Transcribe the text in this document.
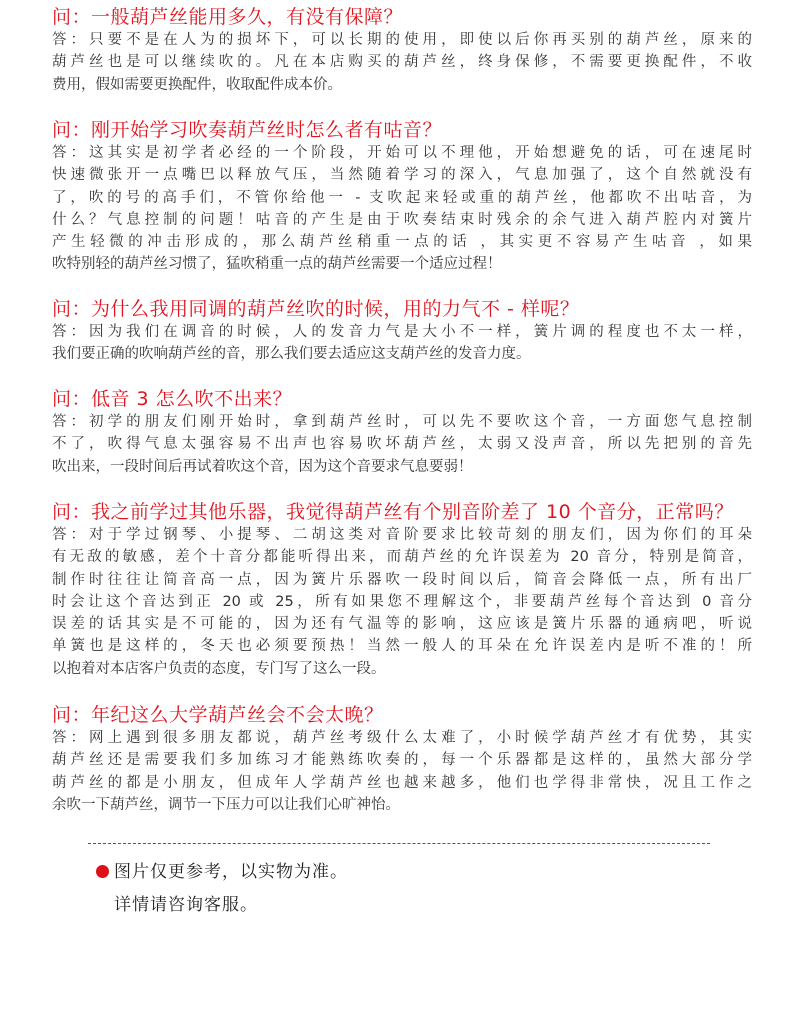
问：一般葫芦丝能用多久，有没有保障？
答：只要不是在人为的损坏下，可以长期的使用，即使以后你再买别的葫芦丝，原来的
葫芦丝也是可以继续吹的。凡在本店购买的葫芦丝，终身保修，不需要更换配件，不收
费用，假如需要更换配件，收取配件成本价。
问：刚开始学习吹奏葫芦丝时怎么者有咕音？
答：这其实是初学者必经的一个阶段，开始可以不理他，开始想避免的话，可在速尾时
快速微张开一点嘴巴以释放气压，当然随着学习的深入，气息加强了，这个自然就没有
了，吹的号的高手们，不管你给他一 - 支吹起来轻或重的葫芦丝，他都吹不出咕音，为
什么？气息控制的问题！咕音的产生是由于吹奏结束时残余的余气进入葫芦腔内对簧片
产生轻微的冲击形成的，那么葫芦丝稍重一点的话 ，其实更不容易产生咕音 ，如果
吹特别轻的葫芦丝习惯了，猛吹稍重一点的葫芦丝需要一个适应过程！
问：为什么我用同调的葫芦丝吹的时候，用的力气不 - 样呢？
答：因为我们在调音的时候，人的发音力气是大小不一样，簧片调的程度也不太一样，
我们要正确的吹响葫芦丝的音，那么我们要去适应这支葫芦丝的发音力度。
问：低音 3 怎么吹不出来？
答：初学的朋友们刚开始时，拿到葫芦丝时，可以先不要吹这个音，一方面您气息控制
不了，吹得气息太强容易不出声也容易吹坏葫芦丝，太弱又没声音，所以先把别的音先
吹出来，一段时间后再试着吹这个音，因为这个音要求气息要弱！
问：我之前学过其他乐器，我觉得葫芦丝有个别音阶差了 10 个音分，正常吗？
答：对于学过钢琴、小提琴、二胡这类对音阶要求比较苛刻的朋友们，因为你们的耳朵
有无敌的敏感，差个十音分都能听得出来，而葫芦丝的允许误差为 20 音分，特别是简音，
制作时往往让简音高一点，因为簧片乐器吹一段时间以后，简音会降低一点，所有出厂
时会让这个音达到正 20 或 25，所有如果您不理解这个，非要葫芦丝每个音达到 0 音分
误差的话其实是不可能的，因为还有气温等的影响，这应该是簧片乐器的通病吧，听说
单簧也是这样的，冬天也必须要预热！当然一般人的耳朵在允许误差内是听不准的！所
以抱着对本店客户负责的态度，专门写了这么一段。
问：年纪这么大学葫芦丝会不会太晚？
答：网上遇到很多朋友都说，葫芦丝考级什么太难了，小时候学葫芦丝才有优势，其实
葫芦丝还是需要我们多加练习才能熟练吹奏的，每一个乐器都是这样的，虽然大部分学
萌芦丝的都是小朋友，但成年人学葫芦丝也越来越多，他们也学得非常快，况且工作之
余吹一下葫芦丝，调节一下压力可以让我们心旷神怡。
图片仅更参考，以实物为准。
详情请咨询客服。
